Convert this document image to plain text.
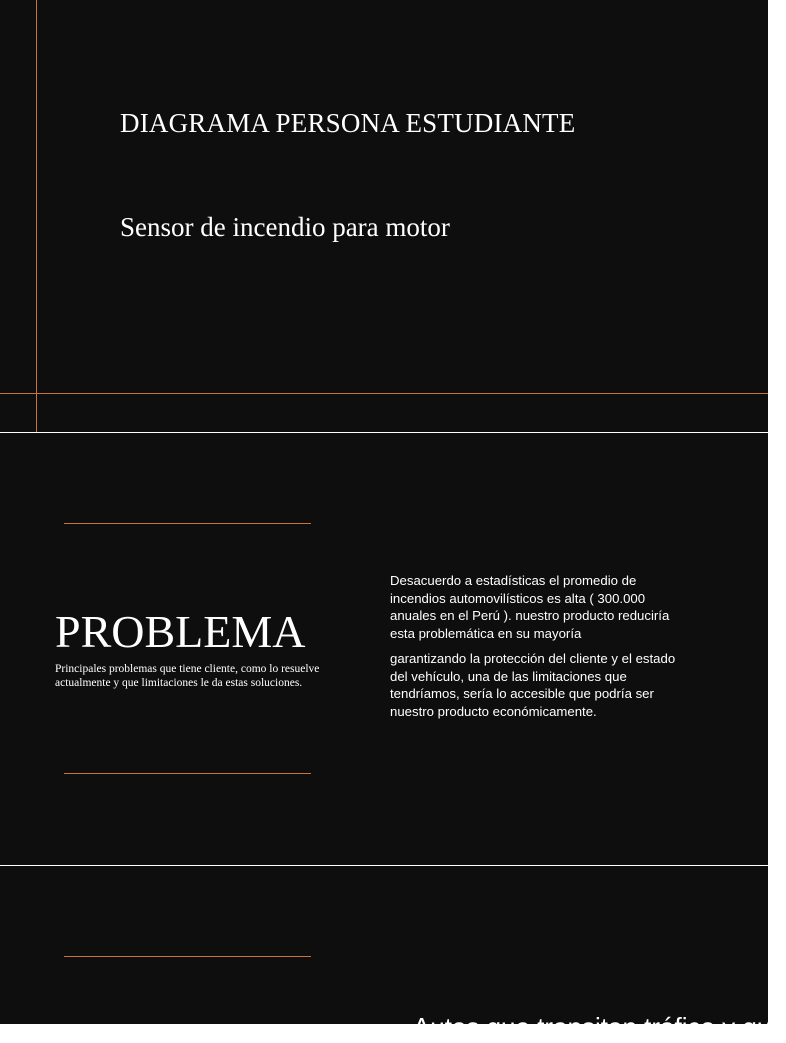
DIAGRAMA PERSONA ESTUDIANTE
Sensor de incendio para motor
PROBLEMA
Principales problemas que tiene cliente, como lo resuelve actualmente y que limitaciones le da estas soluciones.
Desacuerdo a estadísticas el promedio de incendios automovilísticos es alta ( 300.000 anuales en el Perú ). nuestro producto reduciría esta problemática en su mayoría
garantizando la protección del cliente y el estado del vehículo, una de las limitaciones que tendríamos, sería lo accesible que podría ser nuestro producto económicamente.
• Autos que transitan tráfico y que
